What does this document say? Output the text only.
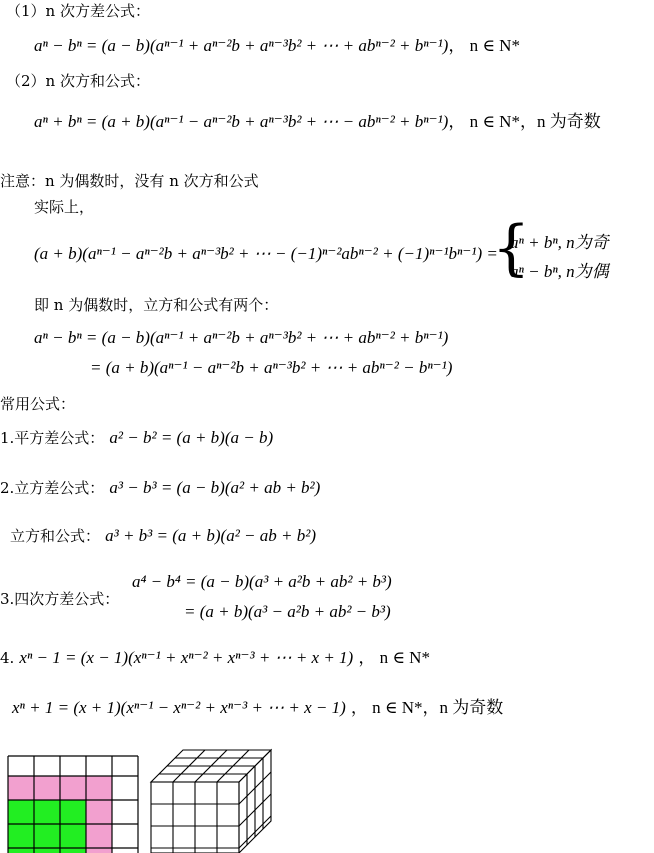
（1）n 次方差公式：
aⁿ − bⁿ = (a − b)(aⁿ⁻¹ + aⁿ⁻²b + aⁿ⁻³b² + ⋯ + abⁿ⁻² + bⁿ⁻¹)， n ∈ N*
（2）n 次方和公式：
aⁿ + bⁿ = (a + b)(aⁿ⁻¹ − aⁿ⁻²b + aⁿ⁻³b² + ⋯ − abⁿ⁻² + bⁿ⁻¹)， n ∈ N*，n 为奇数
注意：n 为偶数时，没有 n 次方和公式
实际上，
(a + b)(aⁿ⁻¹ − aⁿ⁻²b + aⁿ⁻³b² + ⋯ − (−1)ⁿ⁻²abⁿ⁻² + (−1)ⁿ⁻¹bⁿ⁻¹) =
{
aⁿ + bⁿ, n为奇
aⁿ − bⁿ, n为偶
即 n 为偶数时，立方和公式有两个：
aⁿ − bⁿ = (a − b)(aⁿ⁻¹ + aⁿ⁻²b + aⁿ⁻³b² + ⋯ + abⁿ⁻² + bⁿ⁻¹)
= (a + b)(aⁿ⁻¹ − aⁿ⁻²b + aⁿ⁻³b² + ⋯ + abⁿ⁻² − bⁿ⁻¹)
常用公式：
1.平方差公式： a² − b² = (a + b)(a − b)
2.立方差公式： a³ − b³ = (a − b)(a² + ab + b²)
立方和公式： a³ + b³ = (a + b)(a² − ab + b²)
3.四次方差公式：
a⁴ − b⁴ = (a − b)(a³ + a²b + ab² + b³)
= (a + b)(a³ − a²b + ab² − b³)
4. xⁿ − 1 = (x − 1)(xⁿ⁻¹ + xⁿ⁻² + xⁿ⁻³ + ⋯ + x + 1) ， n ∈ N*
xⁿ + 1 = (x + 1)(xⁿ⁻¹ − xⁿ⁻² + xⁿ⁻³ + ⋯ + x − 1) ， n ∈ N*，n 为奇数
